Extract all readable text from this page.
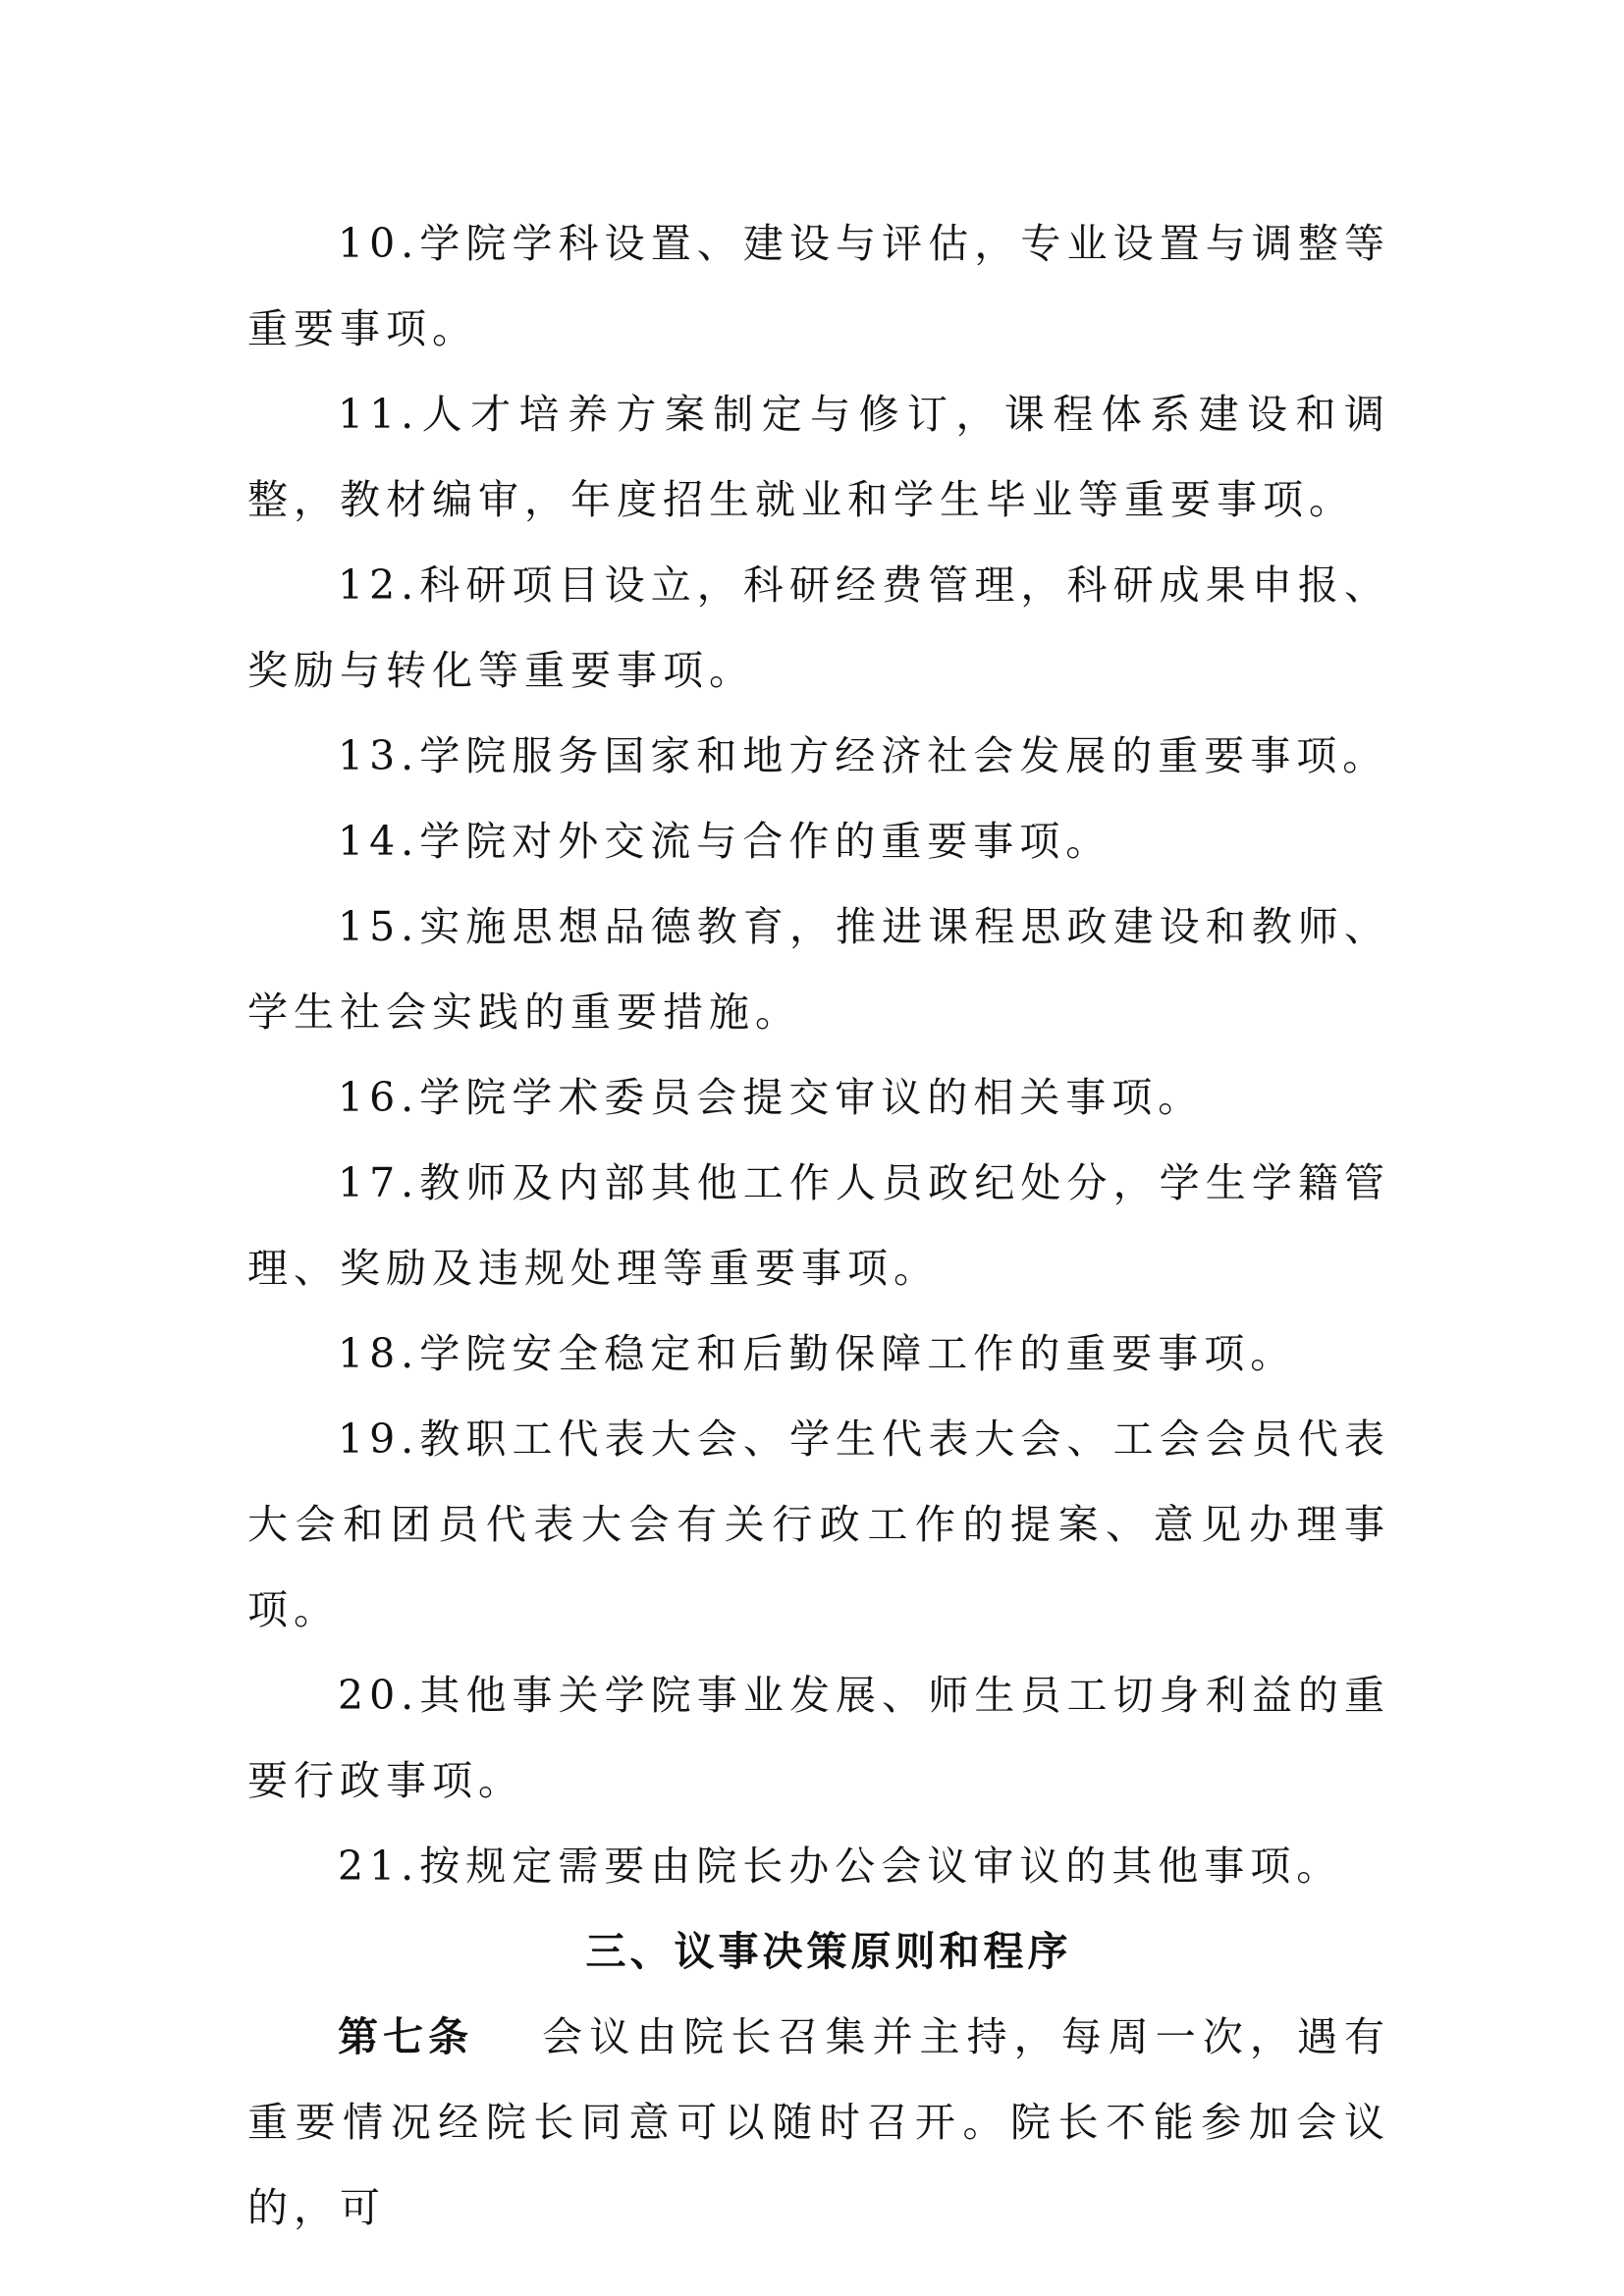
10.学院学科设置、建设与评估，专业设置与调整等重要事项。

11.人才培养方案制定与修订，课程体系建设和调整，教材编审，年度招生就业和学生毕业等重要事项。

12.科研项目设立，科研经费管理，科研成果申报、奖励与转化等重要事项。

13.学院服务国家和地方经济社会发展的重要事项。

14.学院对外交流与合作的重要事项。

15.实施思想品德教育，推进课程思政建设和教师、学生社会实践的重要措施。

16.学院学术委员会提交审议的相关事项。

17.教师及内部其他工作人员政纪处分，学生学籍管理、奖励及违规处理等重要事项。

18.学院安全稳定和后勤保障工作的重要事项。

19.教职工代表大会、学生代表大会、工会会员代表大会和团员代表大会有关行政工作的提案、意见办理事项。

20.其他事关学院事业发展、师生员工切身利益的重要行政事项。

21.按规定需要由院长办公会议审议的其他事项。

三、议事决策原则和程序

第七条 会议由院长召集并主持，每周一次，遇有重要情况经院长同意可以随时召开。院长不能参加会议的，可
